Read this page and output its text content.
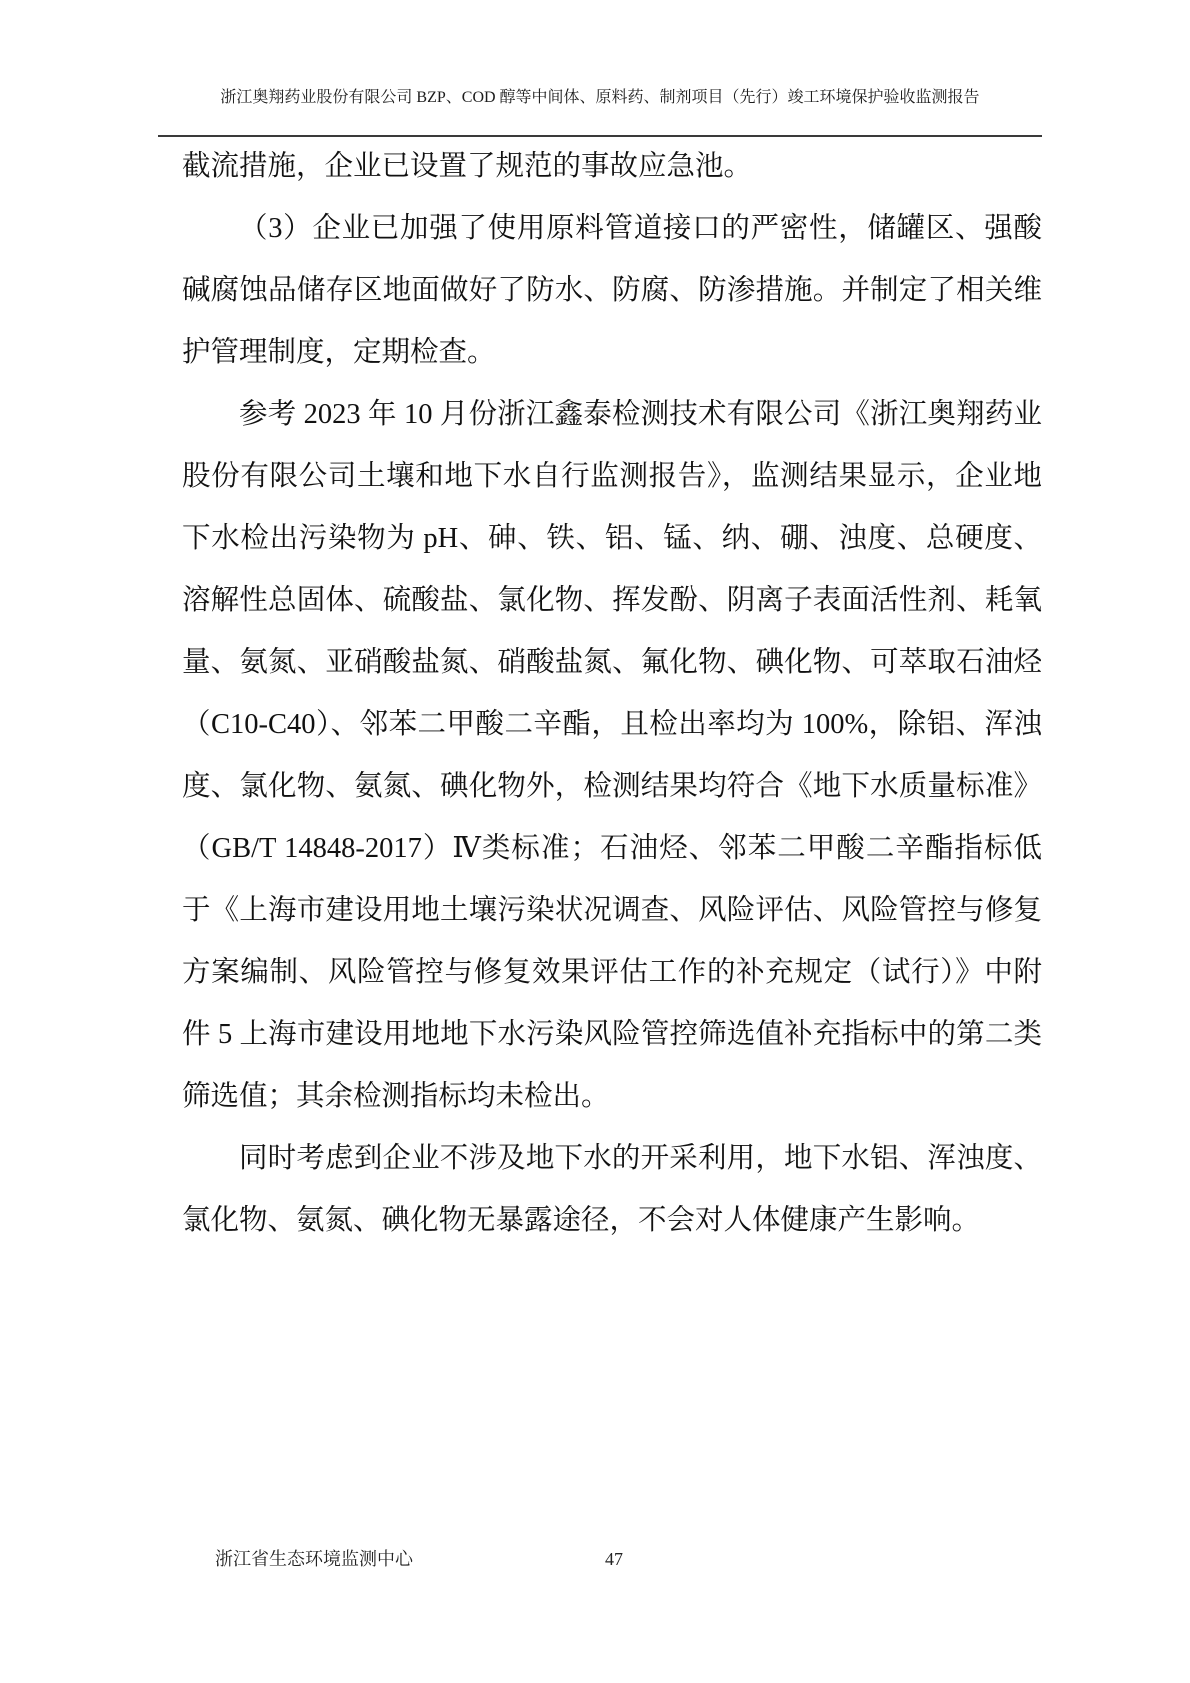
浙江奥翔药业股份有限公司 BZP、COD 醇等中间体、原料药、制剂项目（先行）竣工环境保护验收监测报告

截流措施，企业已设置了规范的事故应急池。

（3）企业已加强了使用原料管道接口的严密性，储罐区、强酸碱腐蚀品储存区地面做好了防水、防腐、防渗措施。并制定了相关维护管理制度，定期检查。

参考 2023 年 10 月份浙江鑫泰检测技术有限公司《浙江奥翔药业股份有限公司土壤和地下水自行监测报告》，监测结果显示，企业地下水检出污染物为 pH、砷、铁、铝、锰、纳、硼、浊度、总硬度、溶解性总固体、硫酸盐、氯化物、挥发酚、阴离子表面活性剂、耗氧量、氨氮、亚硝酸盐氮、硝酸盐氮、氟化物、碘化物、可萃取石油烃（C10-C40）、邻苯二甲酸二辛酯，且检出率均为 100%，除铝、浑浊度、氯化物、氨氮、碘化物外，检测结果均符合《地下水质量标准》（GB/T 14848-2017）Ⅳ类标准；石油烃、邻苯二甲酸二辛酯指标低于《上海市建设用地土壤污染状况调查、风险评估、风险管控与修复方案编制、风险管控与修复效果评估工作的补充规定（试行）》中附件 5 上海市建设用地地下水污染风险管控筛选值补充指标中的第二类筛选值；其余检测指标均未检出。

同时考虑到企业不涉及地下水的开采利用，地下水铝、浑浊度、氯化物、氨氮、碘化物无暴露途径，不会对人体健康产生影响。

浙江省生态环境监测中心	47
